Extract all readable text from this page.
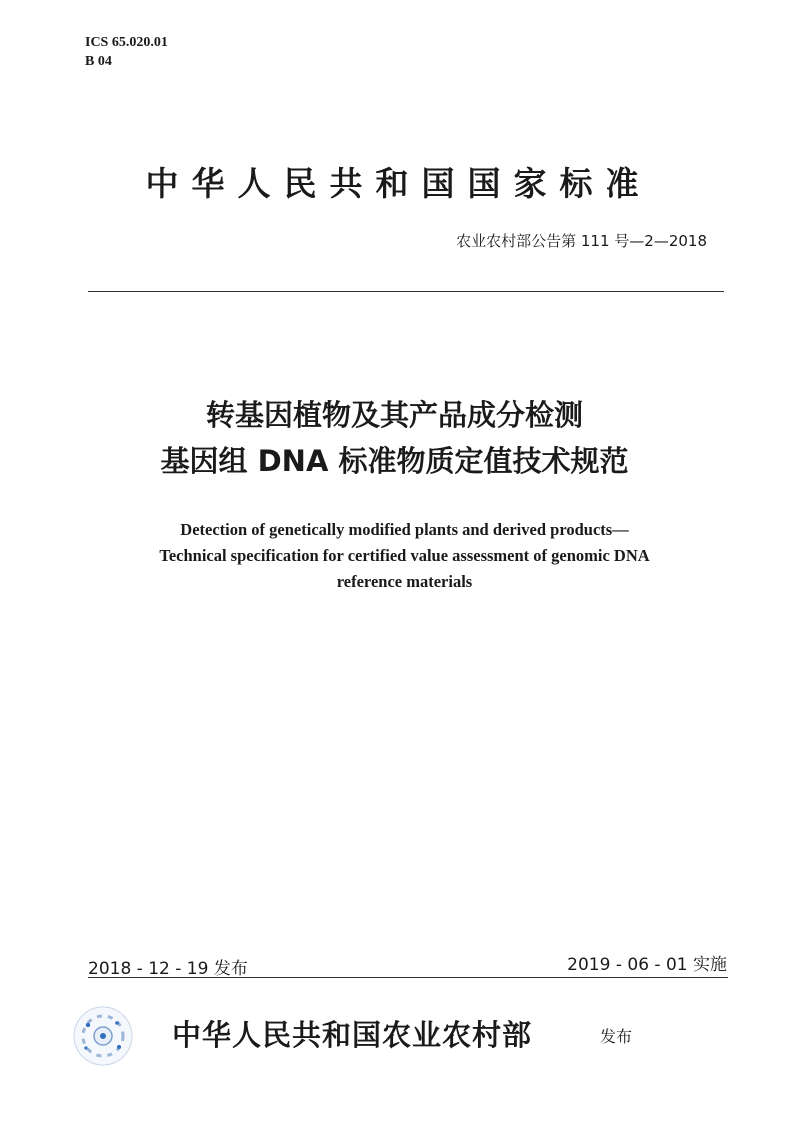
ICS 65.020.01
B 04
中华人民共和国国家标准
农业农村部公告第 111 号—2—2018
转基因植物及其产品成分检测
基因组 DNA 标准物质定值技术规范
Detection of genetically modified plants and derived products—
Technical specification for certified value assessment of genomic DNA
reference materials
2018 - 12 - 19 发布	2019 - 06 - 01 实施
中华人民共和国农业农村部	发布
